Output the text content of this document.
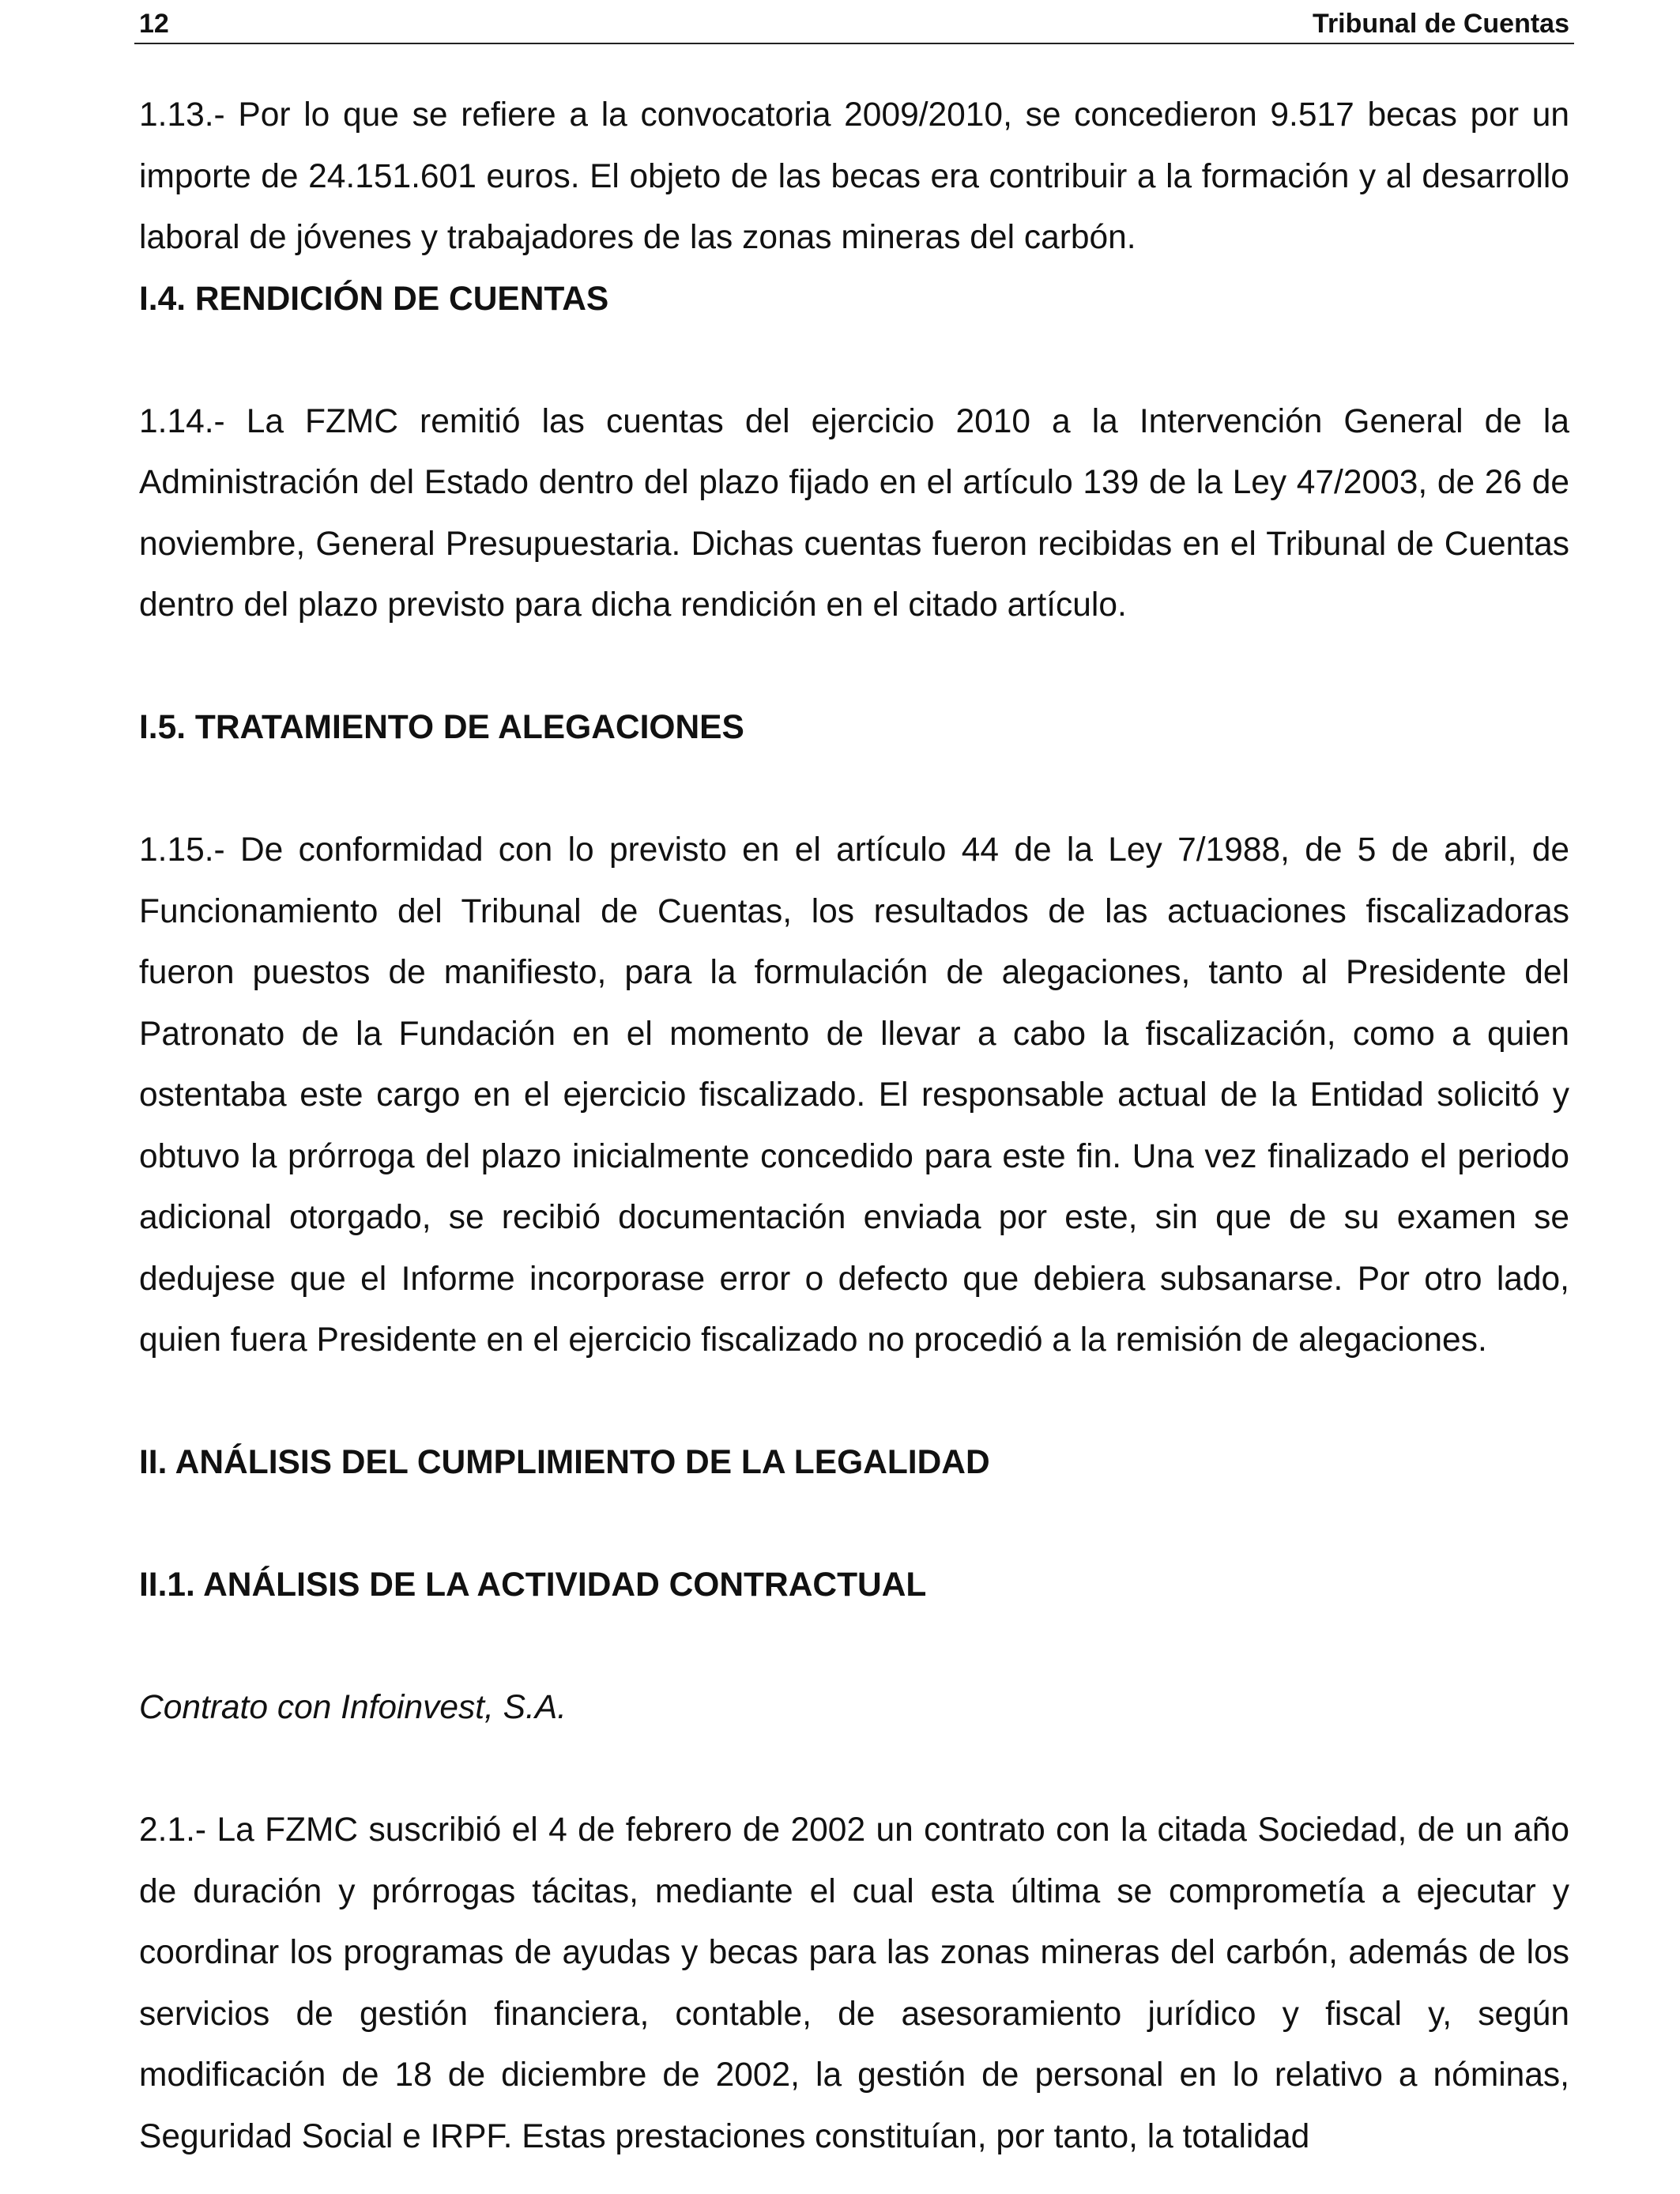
12	Tribunal de Cuentas

1.13.- Por lo que se refiere a la convocatoria 2009/2010, se concedieron 9.517 becas por un importe de 24.151.601 euros. El objeto de las becas era contribuir a la formación y al desarrollo laboral de jóvenes y trabajadores de las zonas mineras del carbón.

I.4. RENDICIÓN DE CUENTAS

1.14.- La FZMC remitió las cuentas del ejercicio 2010 a la Intervención General de la Administración del Estado dentro del plazo fijado en el artículo 139 de la Ley 47/2003, de 26 de noviembre, General Presupuestaria. Dichas cuentas fueron recibidas en el Tribunal de Cuentas dentro del plazo previsto para dicha rendición en el citado artículo.

I.5. TRATAMIENTO DE ALEGACIONES

1.15.- De conformidad con lo previsto en el artículo 44 de la Ley 7/1988, de 5 de abril, de Funcionamiento del Tribunal de Cuentas, los resultados de las actuaciones fiscalizadoras fueron puestos de manifiesto, para la formulación de alegaciones, tanto al Presidente del Patronato de la Fundación en el momento de llevar a cabo la fiscalización, como a quien ostentaba este cargo en el ejercicio fiscalizado. El responsable actual de la Entidad solicitó y obtuvo la prórroga del plazo inicialmente concedido para este fin. Una vez finalizado el periodo adicional otorgado, se recibió documentación enviada por este, sin que de su examen se dedujese que el Informe incorporase error o defecto que debiera subsanarse. Por otro lado, quien fuera Presidente en el ejercicio fiscalizado no procedió a la remisión de alegaciones.

II. ANÁLISIS DEL CUMPLIMIENTO DE LA LEGALIDAD

II.1. ANÁLISIS DE LA ACTIVIDAD CONTRACTUAL

Contrato con Infoinvest, S.A.

2.1.- La FZMC suscribió el 4 de febrero de 2002 un contrato con la citada Sociedad, de un año de duración y prórrogas tácitas, mediante el cual esta última se comprometía a ejecutar y coordinar los programas de ayudas y becas para las zonas mineras del carbón, además de los servicios de gestión financiera, contable, de asesoramiento jurídico y fiscal y, según modificación de 18 de diciembre de 2002, la gestión de personal en lo relativo a nóminas, Seguridad Social e IRPF. Estas prestaciones constituían, por tanto, la totalidad
